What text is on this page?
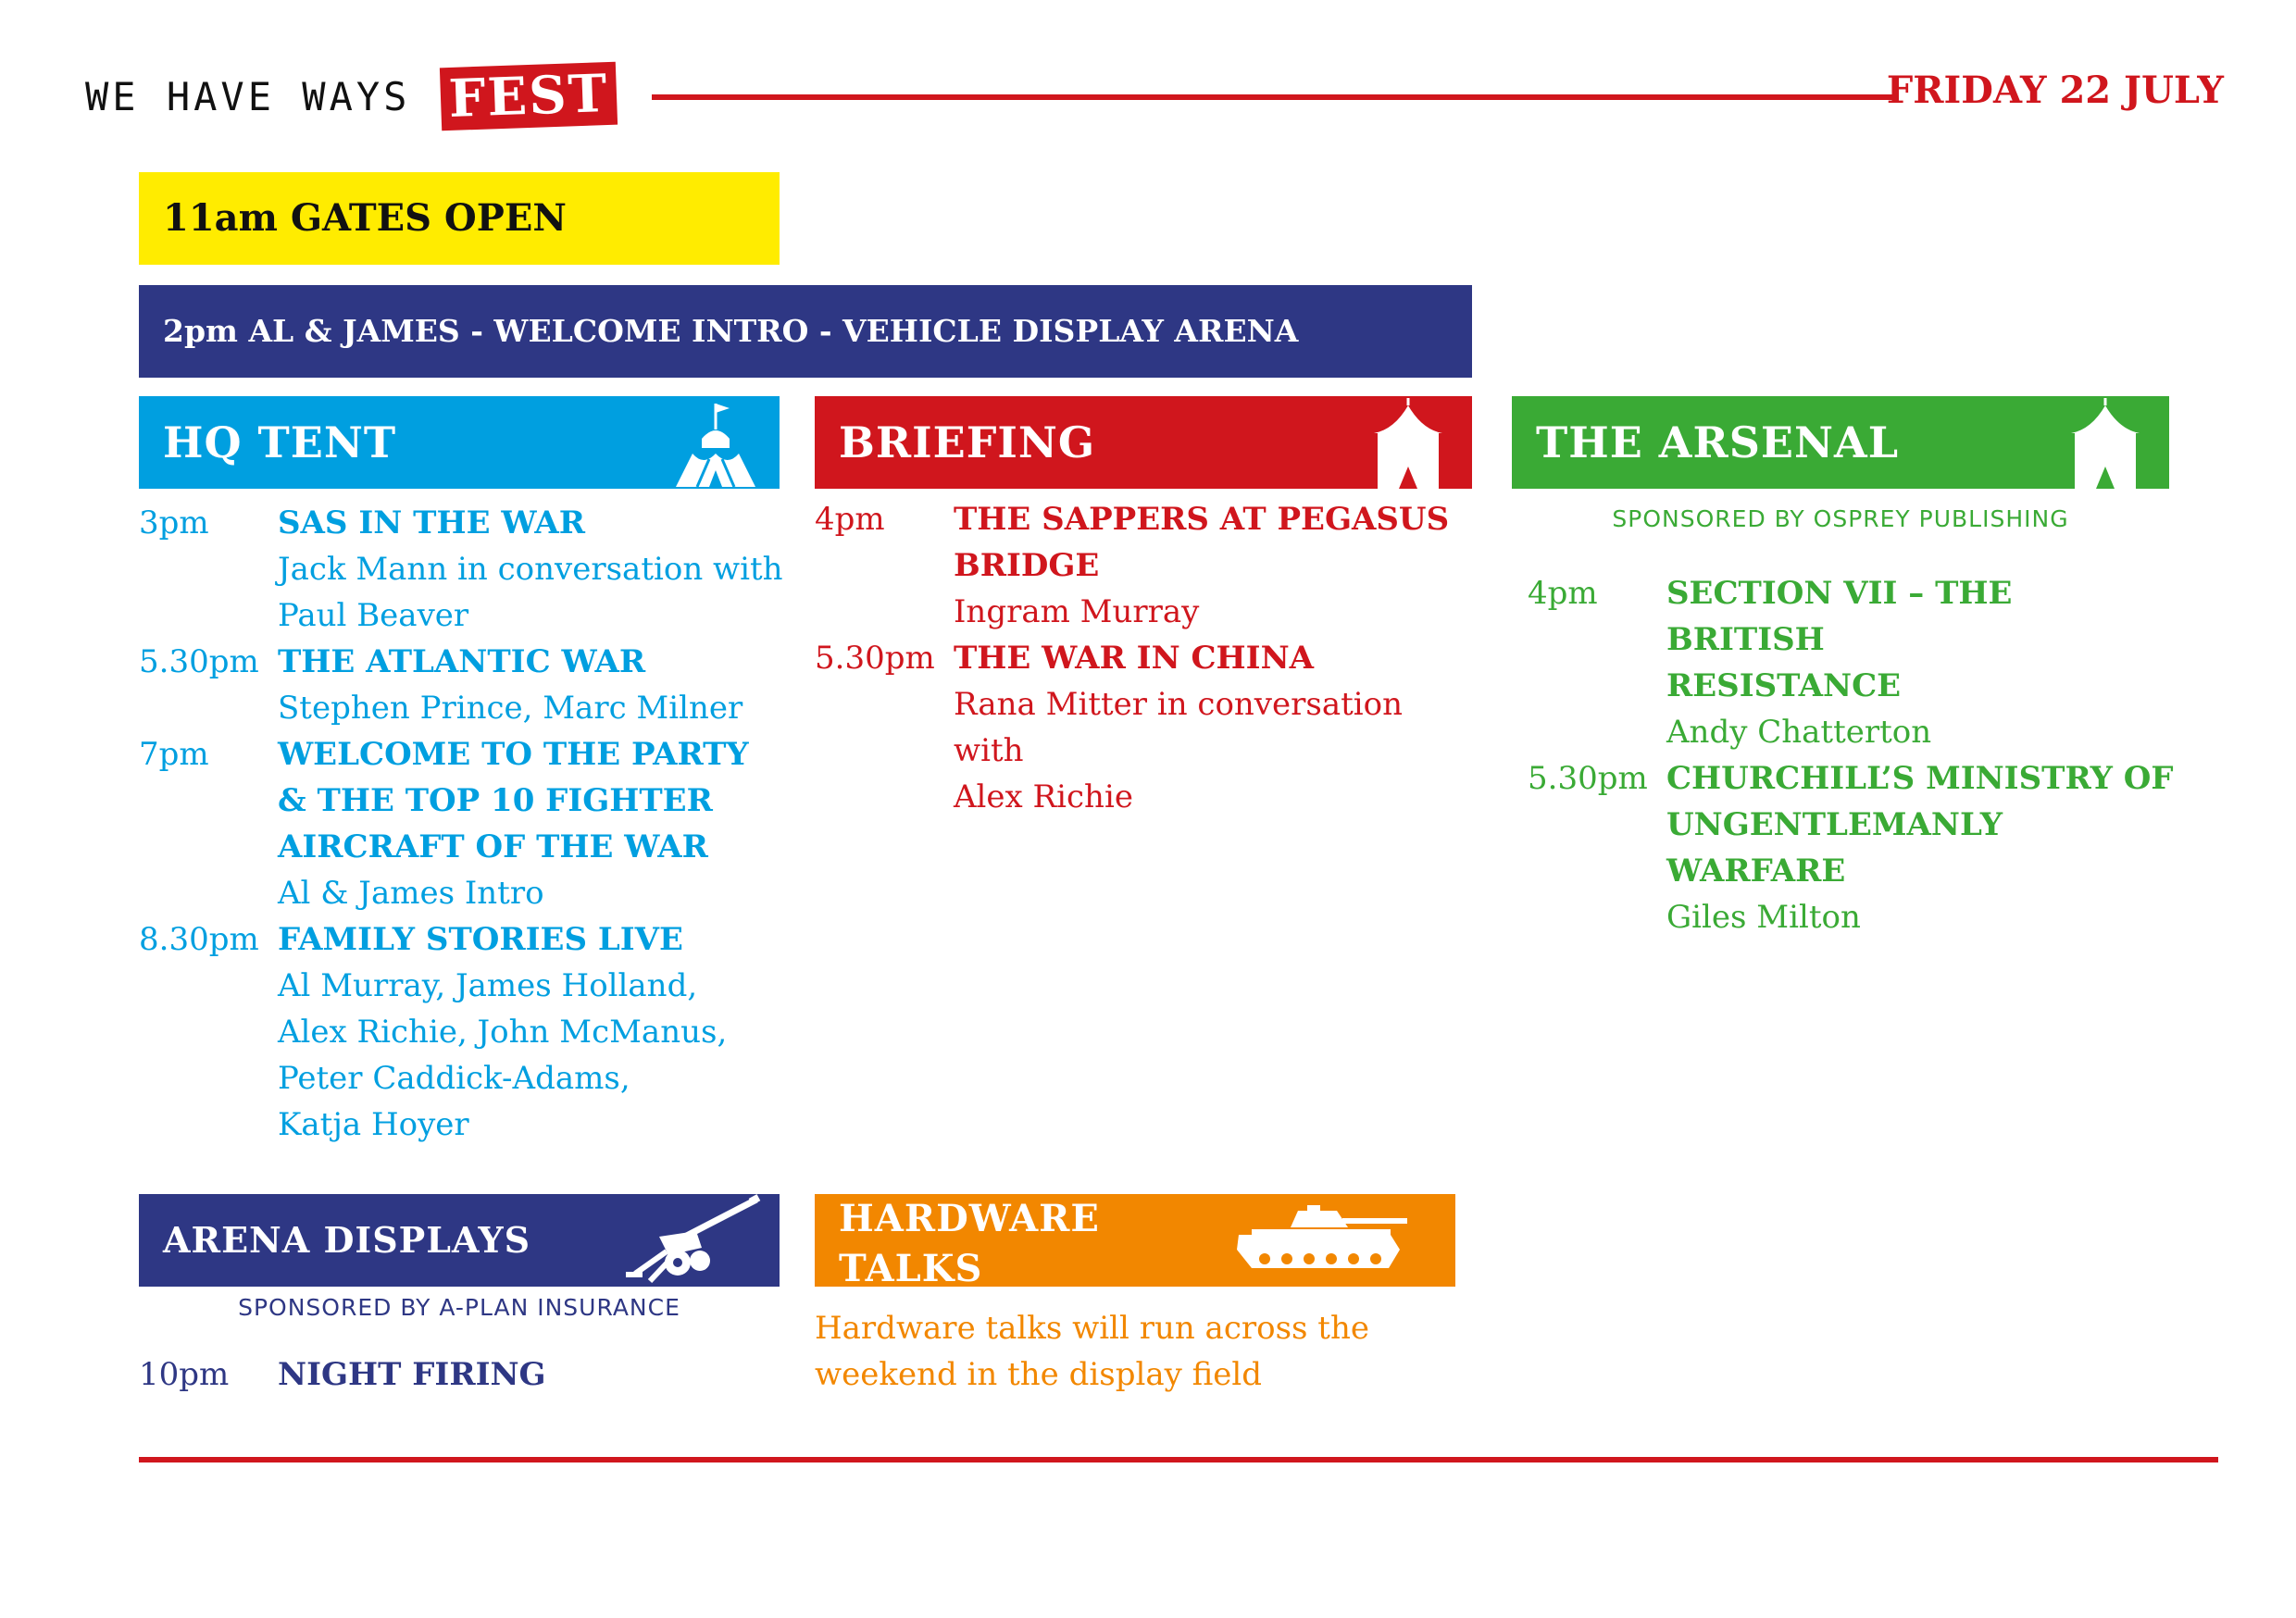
WE HAVE WAYS FEST	FRIDAY 22 JULY
11am GATES OPEN
2pm AL & JAMES - WELCOME INTRO - VEHICLE DISPLAY ARENA
HQ TENT
3pm	SAS IN THE WAR
Jack Mann in conversation with
Paul Beaver
5.30pm THE ATLANTIC WAR
Stephen Prince, Marc Milner
7pm	WELCOME TO THE PARTY
& THE TOP 10 FIGHTER
AIRCRAFT OF THE WAR
Al & James Intro
8.30pm FAMILY STORIES LIVE
Al Murray, James Holland,
Alex Richie, John McManus,
Peter Caddick-Adams,
Katja Hoyer
BRIEFING
4pm	THE SAPPERS AT PEGASUS
BRIDGE
Ingram Murray
5.30pm THE WAR IN CHINA
Rana Mitter in conversation with
Alex Richie
THE ARSENAL
SPONSORED BY OSPREY PUBLISHING
4pm	SECTION VII – THE BRITISH
RESISTANCE
Andy Chatterton
5.30pm CHURCHILL’S MINISTRY OF
UNGENTLEMANLY WARFARE
Giles Milton
ARENA DISPLAYS
SPONSORED BY A-PLAN INSURANCE
10pm	NIGHT FIRING
HARDWARE
TALKS
Hardware talks will run across the
weekend in the display field
